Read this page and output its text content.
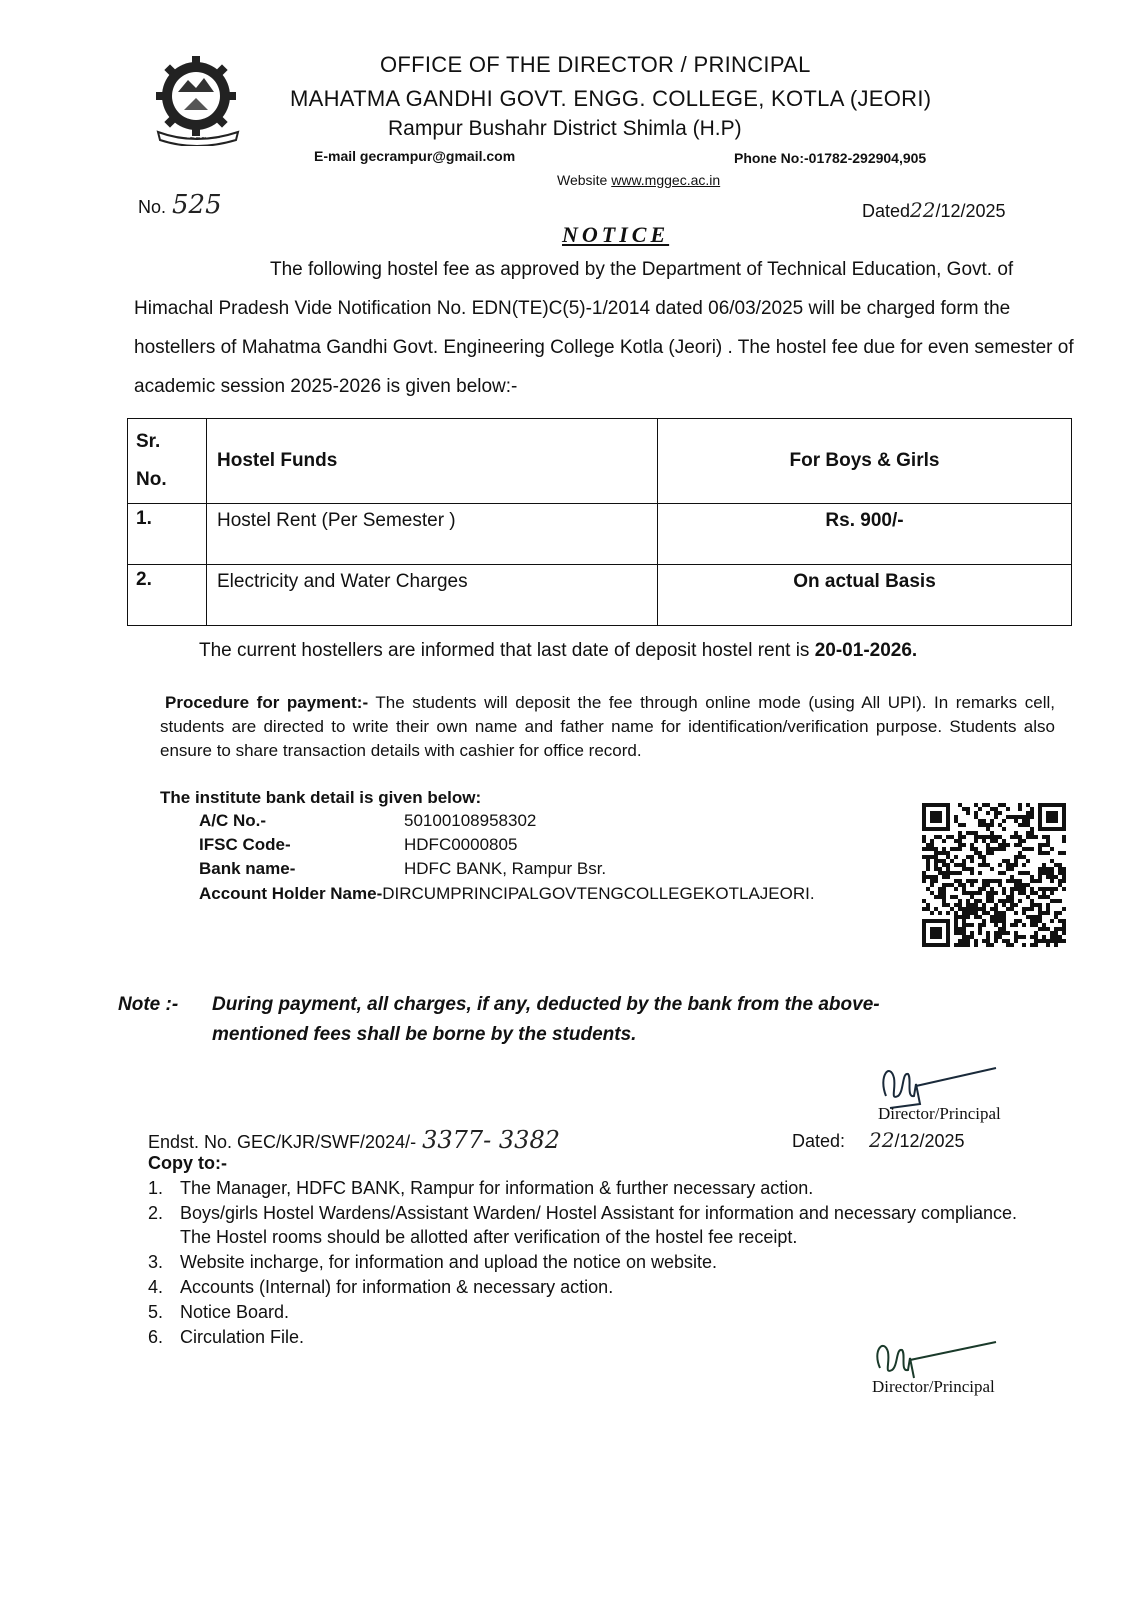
~~ ~~~ ~~
OFFICE OF THE DIRECTOR / PRINCIPAL
MAHATMA GANDHI GOVT. ENGG. COLLEGE, KOTLA (JEORI)
Rampur Bushahr District Shimla (H.P)
E-mail gecrampur@gmail.com	Phone No:-01782-292904,905
Website www.mggec.ac.in
No. 525	Dated22/12/2025
NOTICE
The following hostel fee as approved by the Department of Technical Education, Govt. of Himachal Pradesh Vide Notification No. EDN(TE)C(5)-1/2014 dated 06/03/2025 will be charged form the hostellers of Mahatma Gandhi Govt. Engineering College Kotla (Jeori) . The hostel fee due for even semester of academic session 2025-2026 is given below:-
Sr.
No.	Hostel Funds	For Boys & Girls
1.	Hostel Rent (Per Semester )	Rs. 900/-
2.	Electricity and Water Charges	On actual Basis
The current hostellers are informed that last date of deposit hostel rent is 20-01-2026.
Procedure for payment:- The students will deposit the fee through online mode (using All UPI). In remarks cell, students are directed to write their own name and father name for identification/verification purpose. Students also ensure to share transaction details with cashier for office record.
The institute bank detail is given below:
A/C No.-	50100108958302
IFSC Code-	HDFC0000805
Bank name-	HDFC BANK, Rampur Bsr.
Account Holder Name-DIRCUMPRINCIPALGOVTENGCOLLEGEKOTLAJEORI.
Note :- During payment, all charges, if any, deducted by the bank from the above-
mentioned fees shall be borne by the students.
Director/Principal
Endst. No. GEC/KJR/SWF/2024/- 3377- 3382	Dated: 22/12/2025
Copy to:-
1. The Manager, HDFC BANK, Rampur for information & further necessary action.
2. Boys/girls Hostel Wardens/Assistant Warden/ Hostel Assistant for information and necessary compliance. The Hostel rooms should be allotted after verification of the hostel fee receipt.
3. Website incharge, for information and upload the notice on website.
4. Accounts (Internal) for information & necessary action.
5. Notice Board.
6. Circulation File.
Director/Principal
